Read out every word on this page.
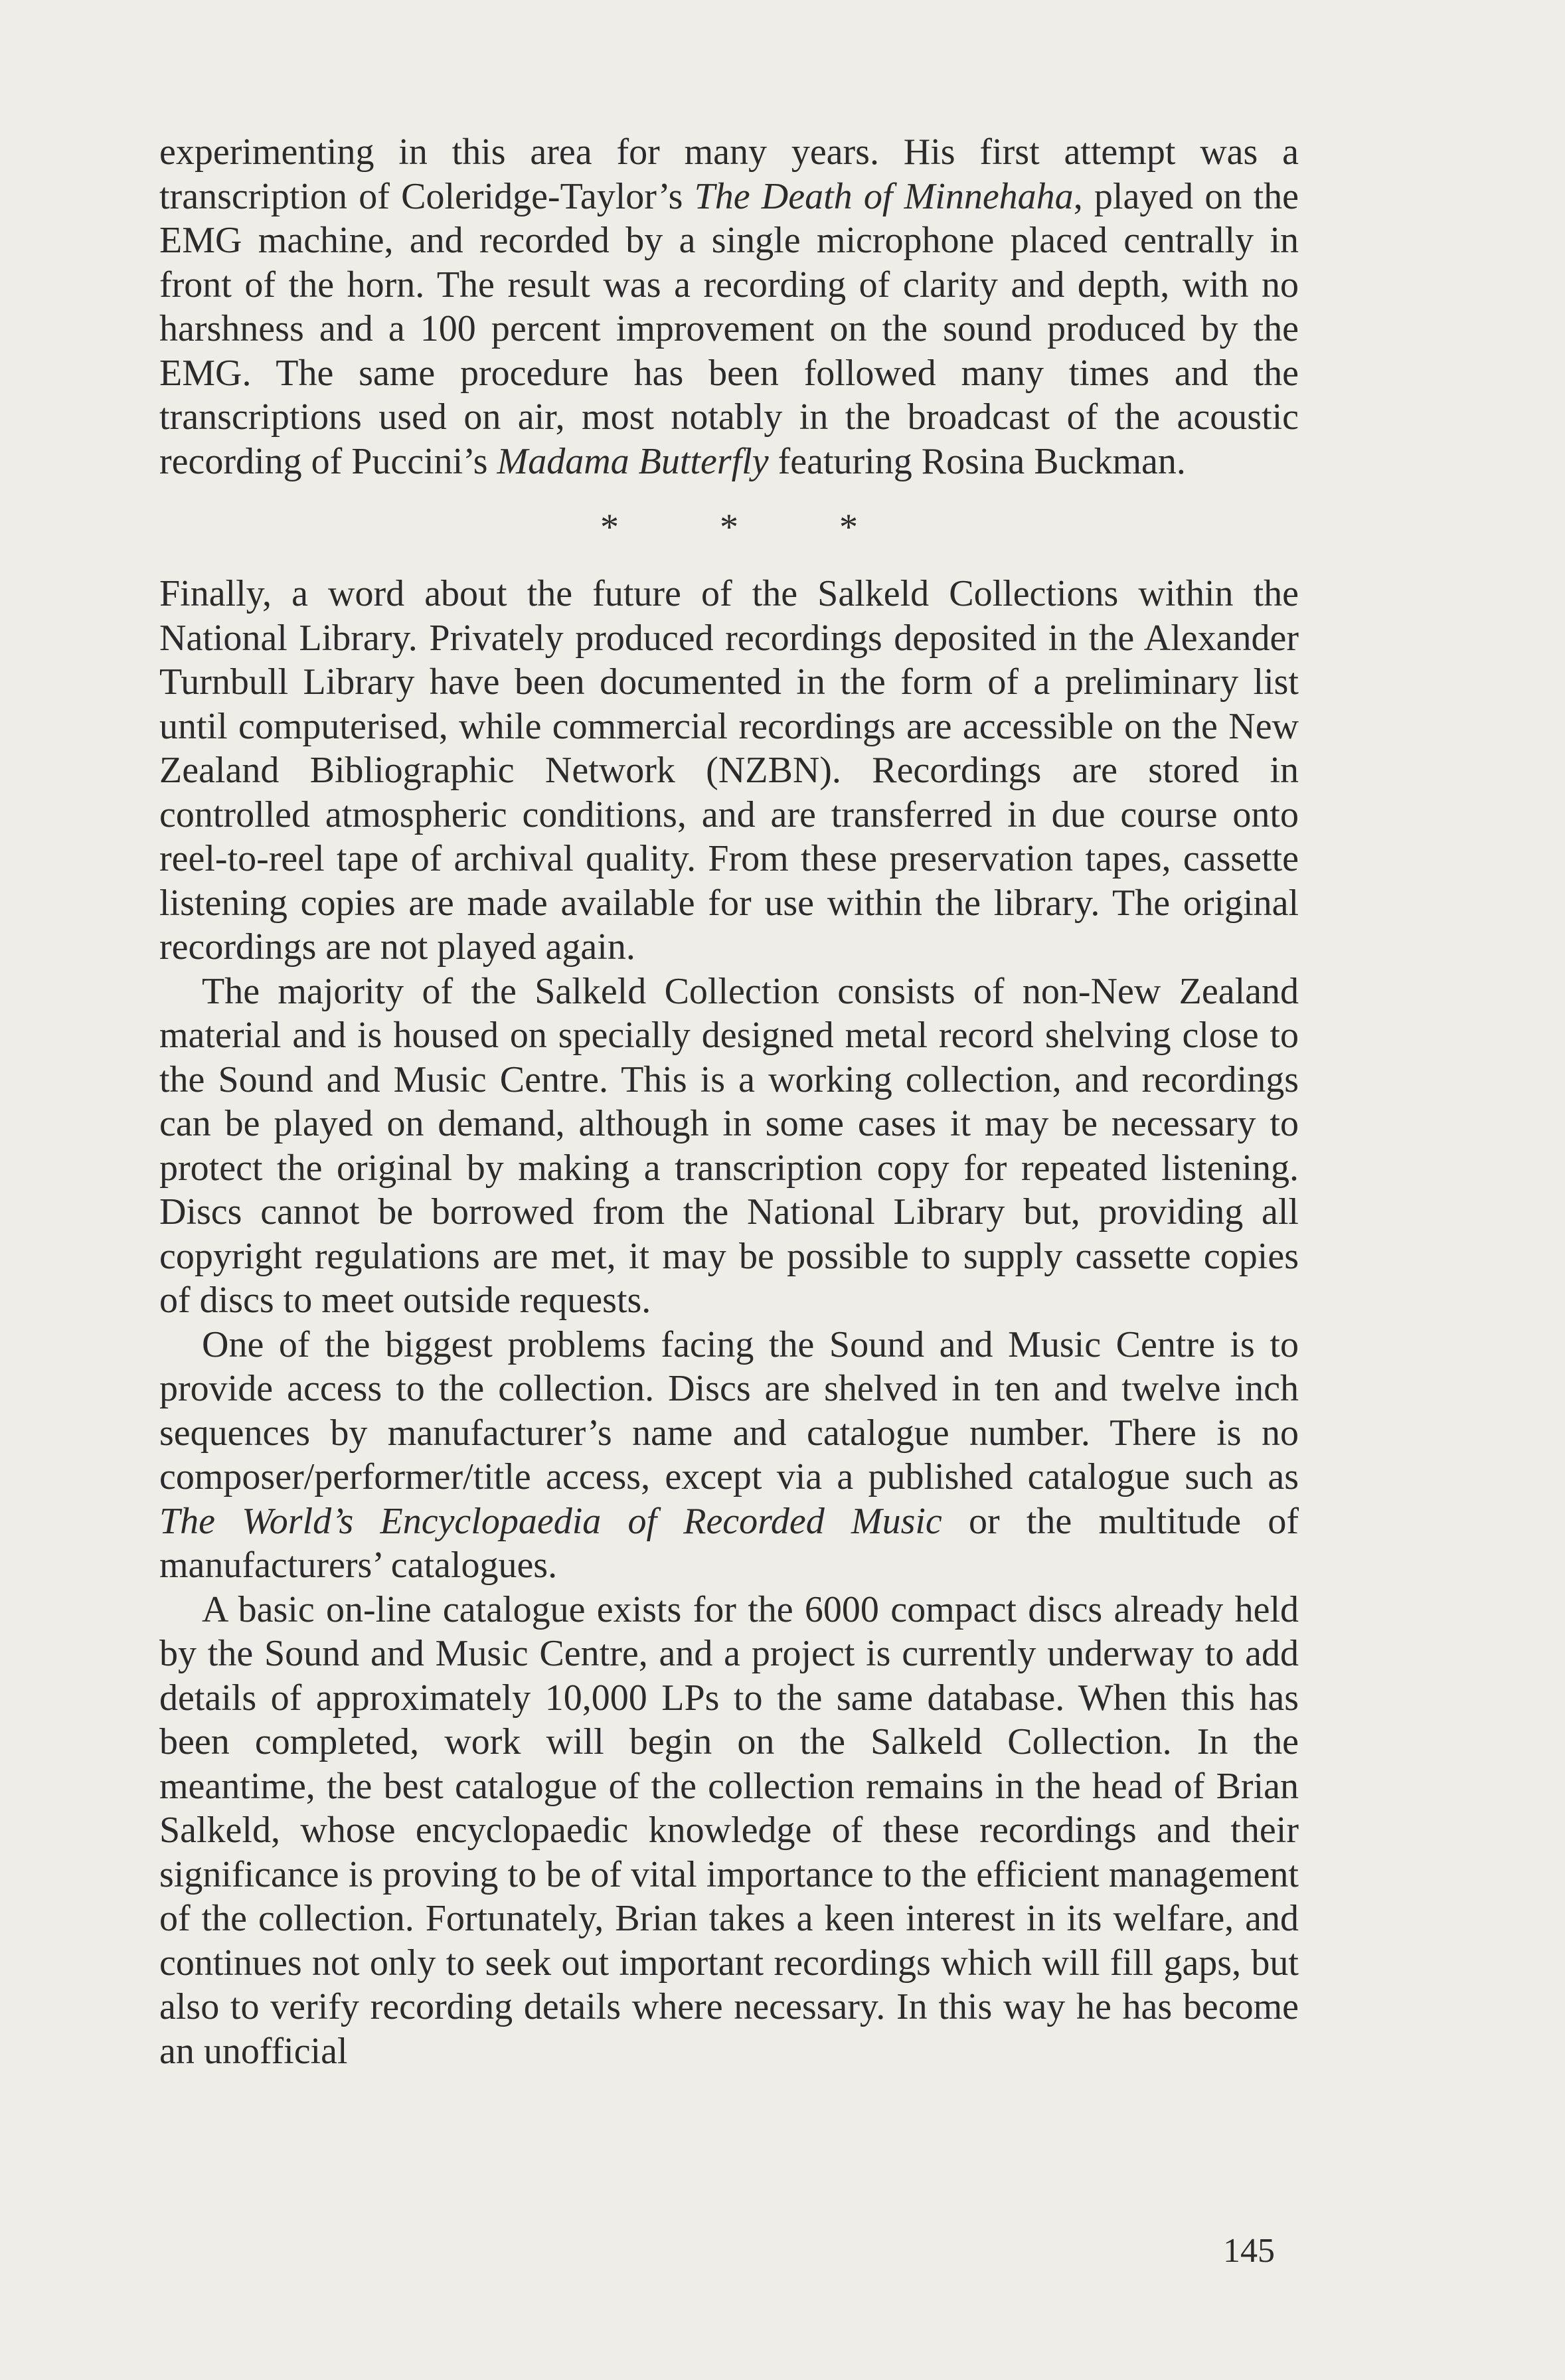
experimenting in this area for many years. His first attempt was a transcription of Coleridge-Taylor’s The Death of Minnehaha, played on the EMG machine, and recorded by a single microphone placed centrally in front of the horn. The result was a recording of clarity and depth, with no harshness and a 100 percent improvement on the sound produced by the EMG. The same procedure has been followed many times and the transcriptions used on air, most notably in the broadcast of the acoustic recording of Puccini’s Madama Butterfly featuring Rosina Buckman.

*	*	*

Finally, a word about the future of the Salkeld Collections within the National Library. Privately produced recordings deposited in the Alexander Turnbull Library have been documented in the form of a preliminary list until computerised, while commercial recordings are accessible on the New Zealand Bibliographic Network (NZBN). Recordings are stored in controlled atmospheric conditions, and are transferred in due course onto reel-to-reel tape of archival quality. From these preservation tapes, cassette listening copies are made available for use within the library. The original recordings are not played again.

The majority of the Salkeld Collection consists of non-New Zealand material and is housed on specially designed metal record shelving close to the Sound and Music Centre. This is a working collection, and recordings can be played on demand, although in some cases it may be necessary to protect the original by making a transcription copy for repeated listening. Discs cannot be borrowed from the National Library but, providing all copyright regulations are met, it may be possible to supply cassette copies of discs to meet outside requests.

One of the biggest problems facing the Sound and Music Centre is to provide access to the collection. Discs are shelved in ten and twelve inch sequences by manufacturer’s name and catalogue number. There is no composer/performer/title access, except via a published catalogue such as The World’s Encyclopaedia of Recorded Music or the multitude of manufacturers’ catalogues.

A basic on-line catalogue exists for the 6000 compact discs already held by the Sound and Music Centre, and a project is currently underway to add details of approximately 10,000 LPs to the same database. When this has been completed, work will begin on the Salkeld Collection. In the meantime, the best catalogue of the collection remains in the head of Brian Salkeld, whose encyclopaedic knowledge of these recordings and their significance is proving to be of vital importance to the efficient management of the collection. Fortunately, Brian takes a keen interest in its welfare, and continues not only to seek out important recordings which will fill gaps, but also to verify recording details where necessary. In this way he has become an unofficial

145
